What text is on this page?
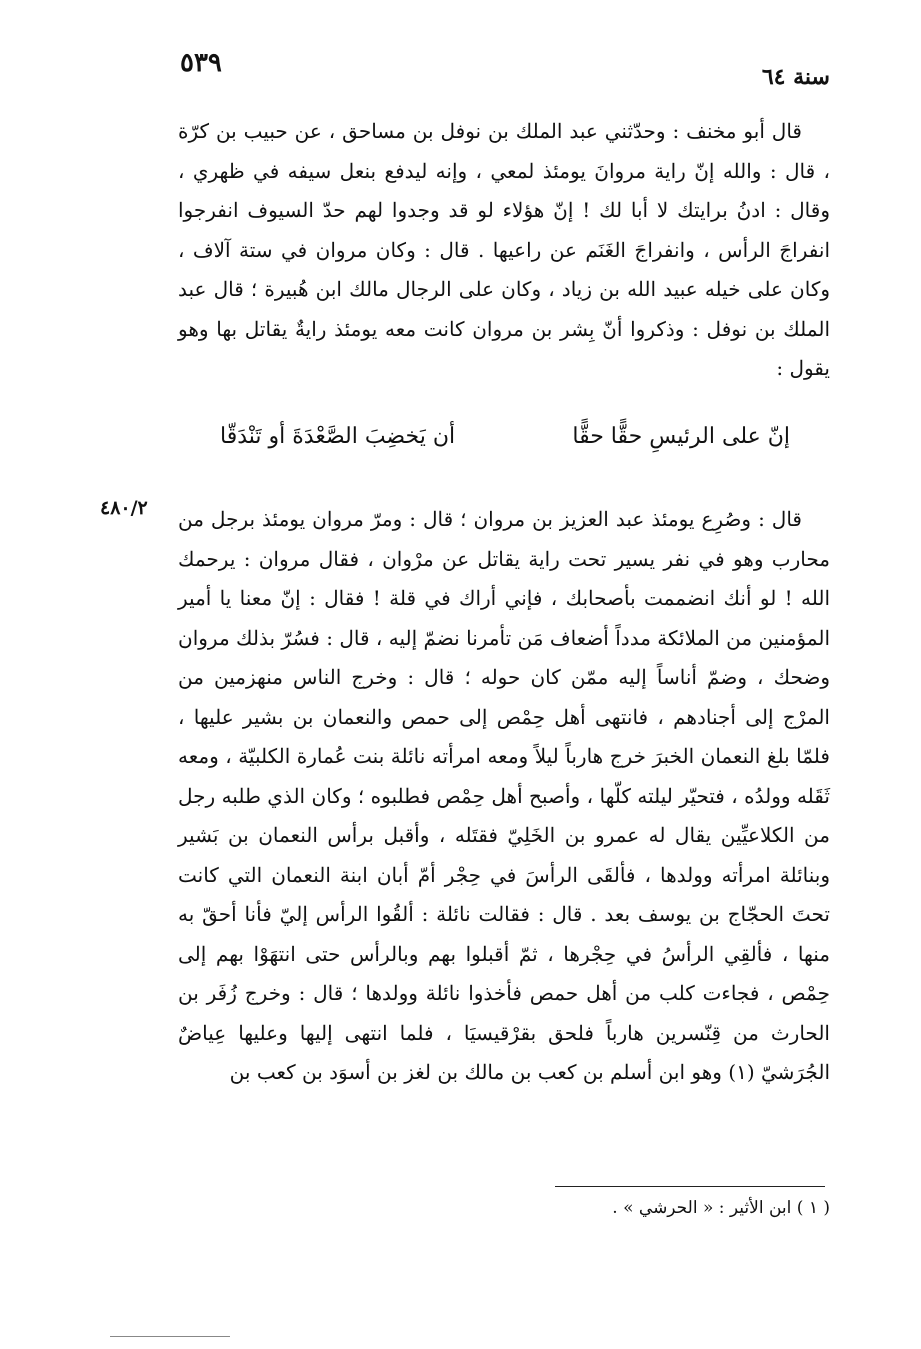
٥٣٩	سنة ٦٤

قال أبو مخنف : وحدّثني عبد الملك بن نوفل بن مساحق ، عن حبيب بن كرّة ، قال : والله إنّ راية مروانَ يومئذ لمعي ، وإنه ليدفع بنعل سيفه في ظهري ، وقال : ادنُ برايتك لا أبا لك ! إنّ هؤلاء لو قد وجدوا لهم حدّ السيوف انفرجوا انفراجَ الرأس ، وانفراجَ الغَنَم عن راعيها . قال : وكان مروان في ستة آلاف ، وكان على خيله عبيد الله بن زياد ، وكان على الرجال مالك ابن هُبيرة ؛ قال عبد الملك بن نوفل : وذكروا أنّ بِشر بن مروان كانت معه يومئذ رايةٌ يقاتل بها وهو يقول :

إنّ على الرئيسِ حقًّا حقًّا
أن يَخضِبَ الصَّعْدَةَ أو تَنْدَقّا
٤٨٠/٢ قال : وصُرِع يومئذ عبد العزيز بن مروان ؛ قال : ومرّ مروان يومئذ برجل من محارب وهو في نفر يسير تحت راية يقاتل عن مرْوان ، فقال مروان : يرحمك الله ! لو أنك انضممت بأصحابك ، فإني أراك في قلة ! فقال : إنّ معنا يا أمير المؤمنين من الملائكة مدداً أضعاف مَن تأمرنا نضمّ إليه ، قال : فسُرّ بذلك مروان وضحك ، وضمّ أناساً إليه ممّن كان حوله ؛ قال : وخرج الناس منهزمين من المرْج إلى أجنادهم ، فانتهى أهل حِمْص إلى حمص والنعمان بن بشير عليها ، فلمّا بلغ النعمان الخبرَ خرج هارباً ليلاً ومعه امرأته نائلة بنت عُمارة الكلبيّة ، ومعه ثَقَله وولدُه ، فتحيّر ليلته كلّها ، وأصبح أهل حِمْص فطلبوه ؛ وكان الذي طلبه رجل من الكلاعيِّين يقال له عمرو بن الخَلِيّ فقتَله ، وأقبل برأس النعمان بن بَشير وبنائلة امرأته وولدها ، فألقَى الرأسَ في حِجْر أمّ أبان ابنة النعمان التي كانت تحتَ الحجّاج بن يوسف بعد . قال : فقالت نائلة : ألقُوا الرأس إليّ فأنا أحقّ به منها ، فألقِي الرأسُ في حِجْرها ، ثمّ أقبلوا بهم وبالرأس حتى انتهَوْا بهم إلى حِمْص ، فجاءت كلب من أهل حمص فأخذوا نائلة وولدها ؛ قال : وخرج زُفَر بن الحارث من قِنّسرين هارباً فلحق بقرْقيسيَا ، فلما انتهى إليها وعليها عِياضٌ الجُرَشيّ (١) وهو ابن أسلم بن كعب بن مالك بن لغز بن أسوَد بن كعب بن

( ١ ) ابن الأثير : « الحرشي » .
